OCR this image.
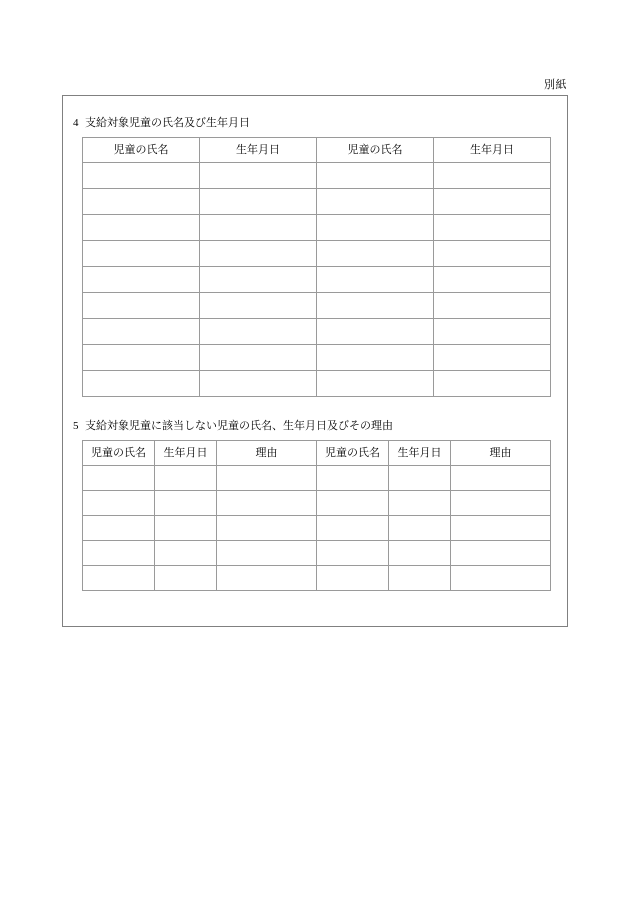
別紙
4 支給対象児童の氏名及び生年月日
児童の氏名	生年月日	児童の氏名	生年月日

5 支給対象児童に該当しない児童の氏名、生年月日及びその理由
児童の氏名	生年月日	理由	児童の氏名	生年月日	理由
